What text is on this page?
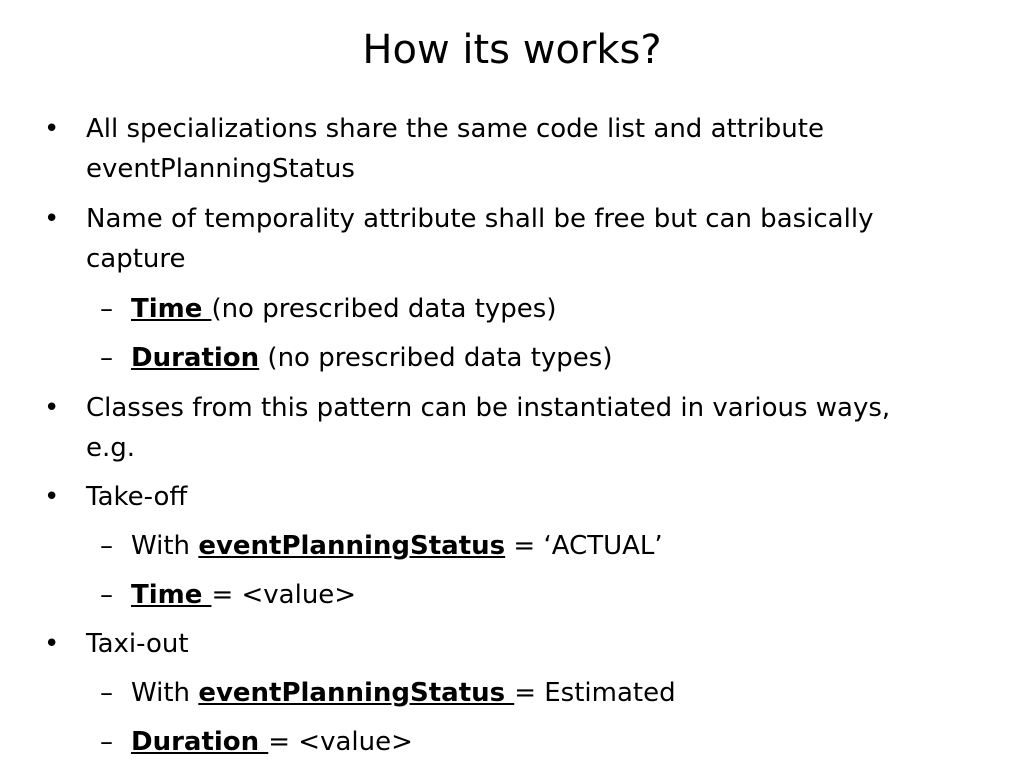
How its works?
• All specializations share the same code list and attribute
eventPlanningStatus
• Name of temporality attribute shall be free but can basically
capture
– Time (no prescribed data types)
– Duration (no prescribed data types)
• Classes from this pattern can be instantiated in various ways,
e.g.
• Take-off
– With eventPlanningStatus = ‘ACTUAL’
– Time = <value>
• Taxi-out
– With eventPlanningStatus = Estimated
– Duration = <value>
